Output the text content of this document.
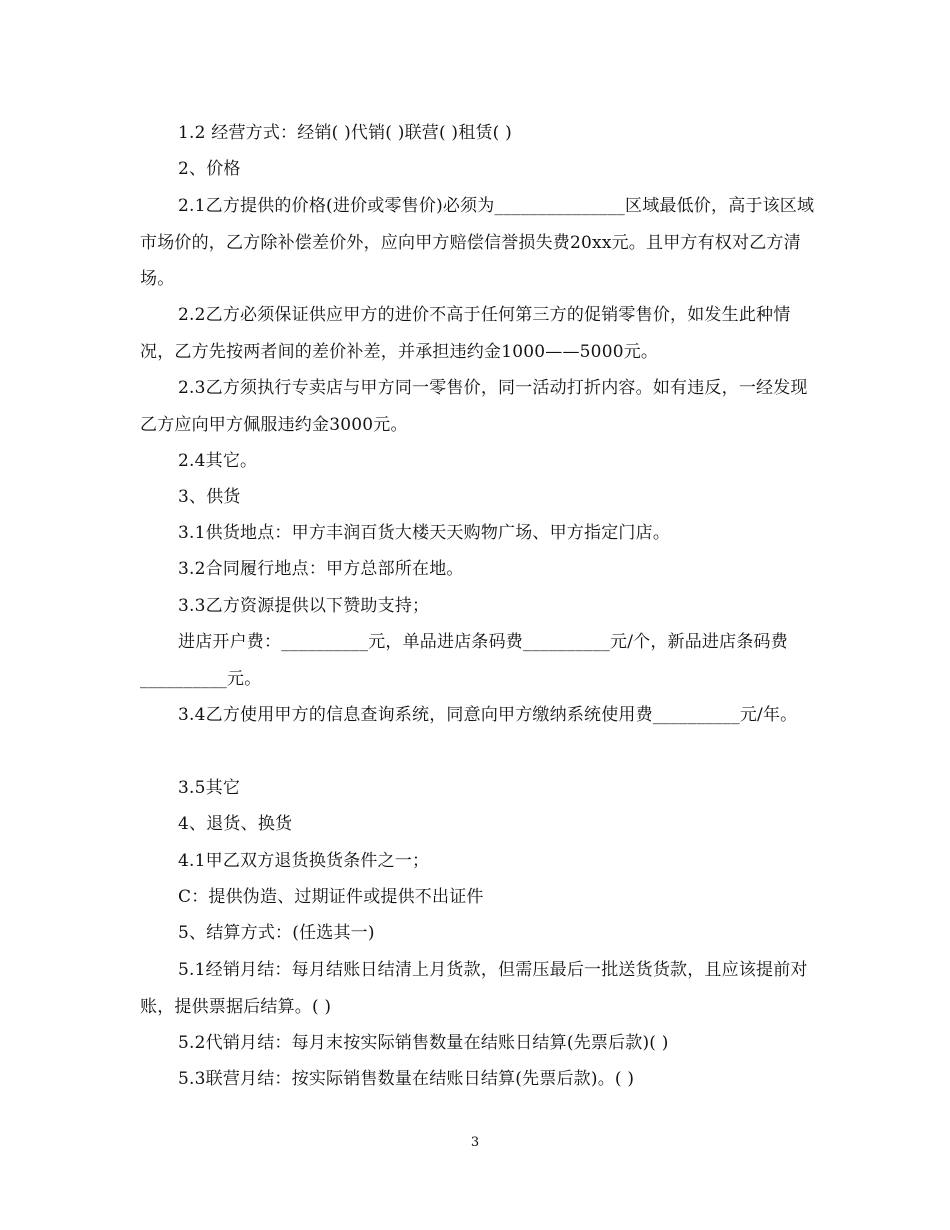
1.2 经营方式：经销( )代销( )联营( )租赁( )

2、价格

2.1乙方提供的价格(进价或零售价)必须为_______________区域最低价，高于该区域市场价的，乙方除补偿差价外，应向甲方赔偿信誉损失费20xx元。且甲方有权对乙方清场。

2.2乙方必须保证供应甲方的进价不高于任何第三方的促销零售价，如发生此种情况，乙方先按两者间的差价补差，并承担违约金1000——5000元。

2.3乙方须执行专卖店与甲方同一零售价，同一活动打折内容。如有违反，一经发现乙方应向甲方佩服违约金3000元。

2.4其它。

3、供货

3.1供货地点：甲方丰润百货大楼天天购物广场、甲方指定门店。

3.2合同履行地点：甲方总部所在地。

3.3乙方资源提供以下赞助支持；

进店开户费：__________元，单品进店条码费__________元/个，新品进店条码费__________元。

3.4乙方使用甲方的信息查询系统，同意向甲方缴纳系统使用费__________元/年。

3.5其它

4、退货、换货

4.1甲乙双方退货换货条件之一；

C：提供伪造、过期证件或提供不出证件

5、结算方式：(任选其一)

5.1经销月结：每月结账日结清上月货款，但需压最后一批送货货款，且应该提前对账，提供票据后结算。( )

5.2代销月结：每月末按实际销售数量在结账日结算(先票后款)( )

5.3联营月结：按实际销售数量在结账日结算(先票后款)。( )

3
